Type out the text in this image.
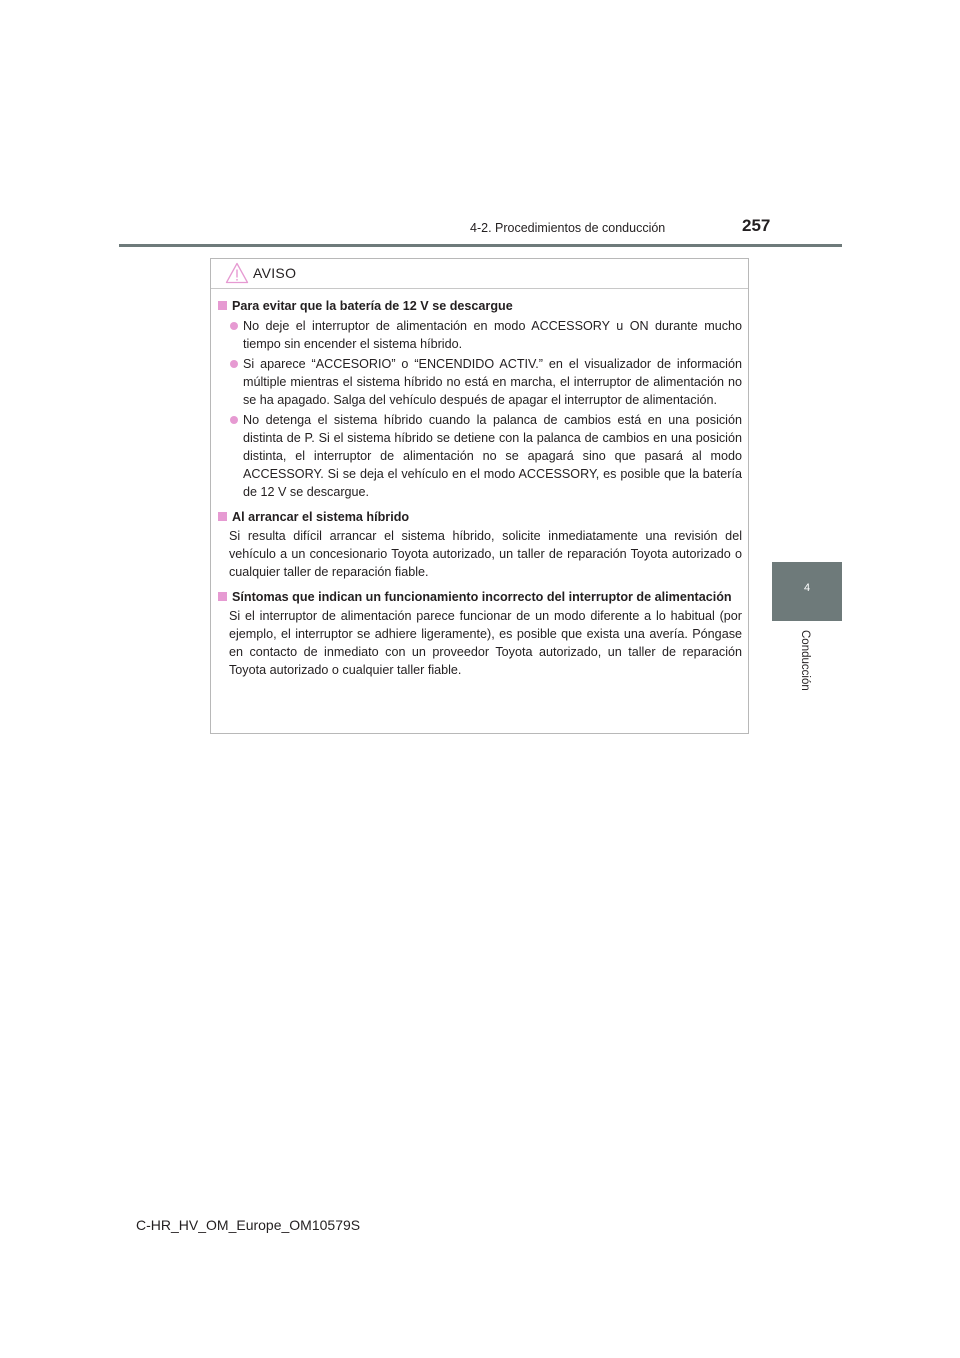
4-2. Procedimientos de conducción	257
4
Conducción
AVISO
Para evitar que la batería de 12 V se descargue
No deje el interruptor de alimentación en modo ACCESSORY u ON durante mucho tiempo sin encender el sistema híbrido.
Si aparece “ACCESORIO” o “ENCENDIDO ACTIV.” en el visualizador de información múltiple mientras el sistema híbrido no está en marcha, el interruptor de alimentación no se ha apagado. Salga del vehículo después de apagar el interruptor de alimentación.
No detenga el sistema híbrido cuando la palanca de cambios está en una posición distinta de P. Si el sistema híbrido se detiene con la palanca de cambios en una posición distinta, el interruptor de alimentación no se apagará sino que pasará al modo ACCESSORY. Si se deja el vehículo en el modo ACCESSORY, es posible que la batería de 12 V se descargue.
Al arrancar el sistema híbrido
Si resulta difícil arrancar el sistema híbrido, solicite inmediatamente una revisión del vehículo a un concesionario Toyota autorizado, un taller de reparación Toyota autorizado o cualquier taller de reparación fiable.
Síntomas que indican un funcionamiento incorrecto del interruptor de alimentación
Si el interruptor de alimentación parece funcionar de un modo diferente a lo habitual (por ejemplo, el interruptor se adhiere ligeramente), es posible que exista una avería. Póngase en contacto de inmediato con un proveedor Toyota autorizado, un taller de reparación Toyota autorizado o cualquier taller fiable.
C-HR_HV_OM_Europe_OM10579S
